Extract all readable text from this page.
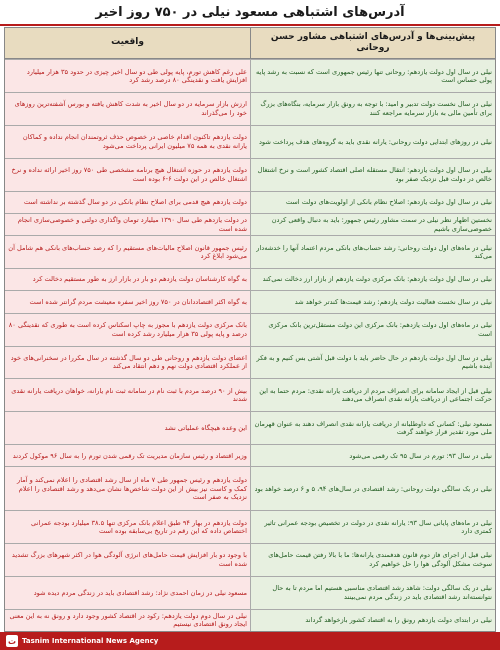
آدرس‌های اشتباهی مسعود نیلی در ۷۵۰ روز اخیر
پیش‌بینی‌ها و آدرس‌های اشتباهی مشاور حسن روحانی
واقعیت
نیلی در سال اول دولت یازدهم: روحانی تنها رئیس جمهوری است که نسبت به رشد پایه پولی حساس است
علی رغم کاهش تورم، پایه پولی طی دو سال اخیر چیزی در حدود ۳۵ هزار میلیارد افزایش یافت و نقدینگی ۸۰ درصد رشد کرد
نیلی در سال نخست دولت تدبیر و امید: با توجه به رونق بازار سرمایه، بنگاه‌های بزرگ برای تأمین مالی به بازار سرمایه مراجعه کنند
ارزش بازار سرمایه در دو سال اخیر به شدت کاهش یافته و بورس آشفته‌ترین روزهای خود را می‌گذراند
نیلی در روزهای ابتدایی دولت روحانی: یارانه نقدی باید به گروه‌های هدف پرداخت شود
دولت یازدهم تاکنون اقدام خاصی در خصوص حذف ثروتمندان انجام نداده و کماکان یارانه نقدی به همه ۷۵ میلیون ایرانی پرداخت می‌شود
نیلی در سال اول دولت یازدهم: انتقال مستقله اصلی اقتصاد کشور است و نرخ اشتغال خالص در دولت قبل نزدیک صفر بود
دولت یازدهم در حوزه اشتغال هیچ برنامه مشخصی طی ۷۵۰ روز اخیر ارائه نداده و نرخ اشتغال خالص در این دولت ۶-۶ بوده است
نیلی در سال اول دولت یازدهم: اصلاح نظام بانکی از اولویت‌های دولت است
دولت یازدهم هیچ قدمی برای اصلاح نظام بانکی در دو سال گذشته بر نداشته است
نخستین اظهار نظر نیلی در سمت مشاور رئیس جمهور: باید به دنبال واقعی کردن خصوصی‌سازی باشیم
در دولت یازدهم طی سال ۱۳۹۰ میلیارد تومان واگذاری دولتی و خصوصی‌سازی انجام شده است
نیلی در ماه‌های اول دولت روحانی: رشد حساب‌های بانکی مردم اعتماد آنها را خدشه‌دار می‌کند
رئیس جمهور قانون اصلاح مالیات‌های مستقیم را که رصد حساب‌های بانکی هم شامل آن می‌شود ابلاغ کرد
نیلی در سال اول دولت یازدهم: بانک مرکزی دولت یازدهم از بازار ارز دخالت نمی‌کند
به گواه کارشناسان دولت یازدهم دو بار در بازار ارز به طور مستقیم دخالت کرد
نیلی در سال نخست فعالیت دولت یازدهم: رشد قیمت‌ها کندتر خواهد شد
به گواه اکثر اقتصاددانان در ۷۵۰ روز اخیر سفره معیشت مردم گرانتر شده است
نیلی در ماه‌های اول دولت یازدهم: بانک مرکزی این دولت مستقل‌ترین بانک مرکزی است
بانک مرکزی دولت یازدهم با مجوز به چاپ اسکناس کرده است به طوری که نقدینگی ۸۰ درصد و پایه پولی ۳۵ هزار میلیارد رشد کرده است
نیلی در سال اول دولت یازدهم در حال حاضر باید با دولت قبل آشتی بس کنیم و به فکر آینده باشیم
اعضای دولت یازدهم و روحانی طی دو سال گذشته در سال مکررا در سخنرانی‌های خود از عملکرد اقتصادی دولت نهم و دهم انتقاد می‌کند
نیلی قبل از ایجاد سامانه برای انصراف مردم از دریافت یارانه نقدی: مردم حتما به این حرکت اجتماعی از دریافت یارانه نقدی انصراف می‌دهند
بیش از ۹۰ درصد مردم با ثبت نام در سامانه ثبت نام یارانه، خواهان دریافت یارانه نقدی شدند
مسعود نیلی: کسانی که داوطلبانه از دریافت یارانه نقدی انصراف دهند به عنوان قهرمان ملی مورد تقدیر قرار خواهند گرفت
این وعده هیچگاه عملیاتی نشد
نیلی در سال ۹۳: تورم در سال ۹۵ تک رقمی می‌شود
وزیر اقتصاد و رئیس سازمان مدیریت تک رقمی شدن تورم را به سال ۹۶ موکول کردند
نیلی در یک سالگی دولت روحانی: رشد اقتصادی در سال‌های ۹۴، ۵ و ۶ درصد خواهد بود
دولت یازدهم و رئیس جمهور طی ۷ ماه از سال رشد اقتصادی را اعلام نمی‌کند و آمار کمک و کاست نیز بیش از این دولت شاخص‌ها نشان می‌دهد و رشد اقتصادی را اعلام نزدیک به صفر است
نیلی در ماه‌های پایانی سال ۹۳: یارانه نقدی در دولت در تخصیص بودجه عمرانی تاثیر کمتری دارد
دولت یازدهم در بهار ۹۴ طبق اعلام بانک مرکزی تنها ۳۸.۵ میلیارد بودجه عمرانی اختصاص داده که این رقم در تاریخ بی‌سابقه بوده است
نیلی قبل از اجرای فاز دوم قانون هدفمندی یارانه‌ها: ما با بالا رفتن قیمت حامل‌های سوخت مشکل آلودگی هوا را حل خواهیم کرد
با وجود دو بار افزایش قیمت حامل‌های انرژی آلودگی هوا در اکثر شهرهای بزرگ تشدید شده است
نیلی در یک سالگی دولت: شاهد رشد اقتصادی مناسبی هستیم اما مردم تا به حال نتوانسته‌اند رشد اقتصادی باید در زندگی مردم نمی‌بینند
مسعود نیلی در زمان احمدی نژاد: رشد اقتصادی باید در زندگی مردم دیده شود
نیلی در ابتدای دولت یازدهم رونق را به اقتصاد کشور بازخواهد گرداند
نیلی در سال دوم دولت یازدهم: رکود در اقتصاد کشور وجود دارد و رونق نه به این معنی ایجاد رونق اقتصادی نیستیم
ت Tasnim International News Agency
